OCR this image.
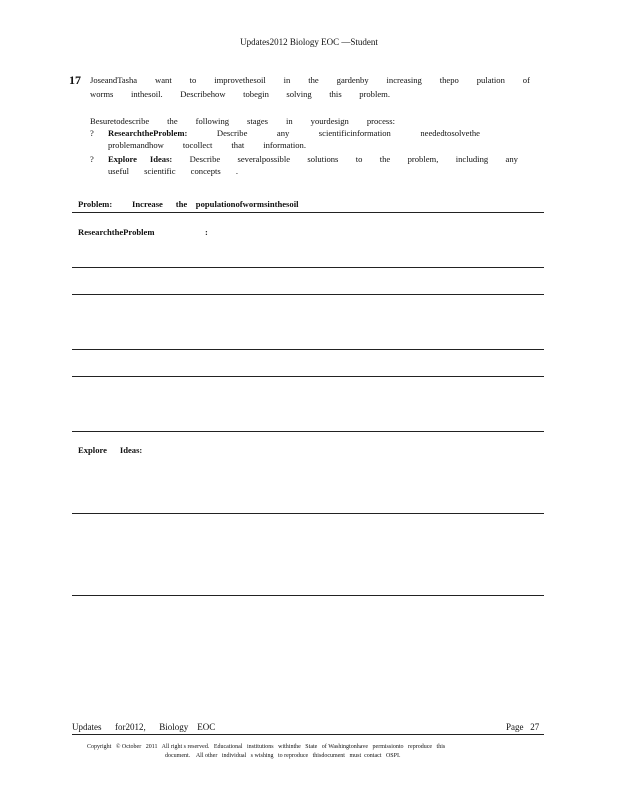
Updates2012 Biology EOC —Student
17 JoseandTasha want to improvethesoil in the gardenby increasing thepo pulation of
worms inthesoil. Describehow tobegin solving this problem.
Besuretodescribe the following stages in yourdesign process:
? ResearchtheProblem:	Describe	any	scientificinformation	neededtosolvethe
problemandhow tocollect that information.
? Explore      Ideas: Describe severalpossible solutions to the problem, including any
useful scientific concepts .
Problem: Increase      the    populationofwormsinthesoil
ResearchtheProblem	:
Explore      Ideas:
Updates      for2012,      Biology    EOC	Page   27
Copyright   © October   2011   All right s reserved.   Educational   institutions   withinthe   State   of Washingtonhave   permissionto   reproduce   this
document.    All other   individual   s wishing   to reproduce   thisdocument   must  contact   OSPI.
